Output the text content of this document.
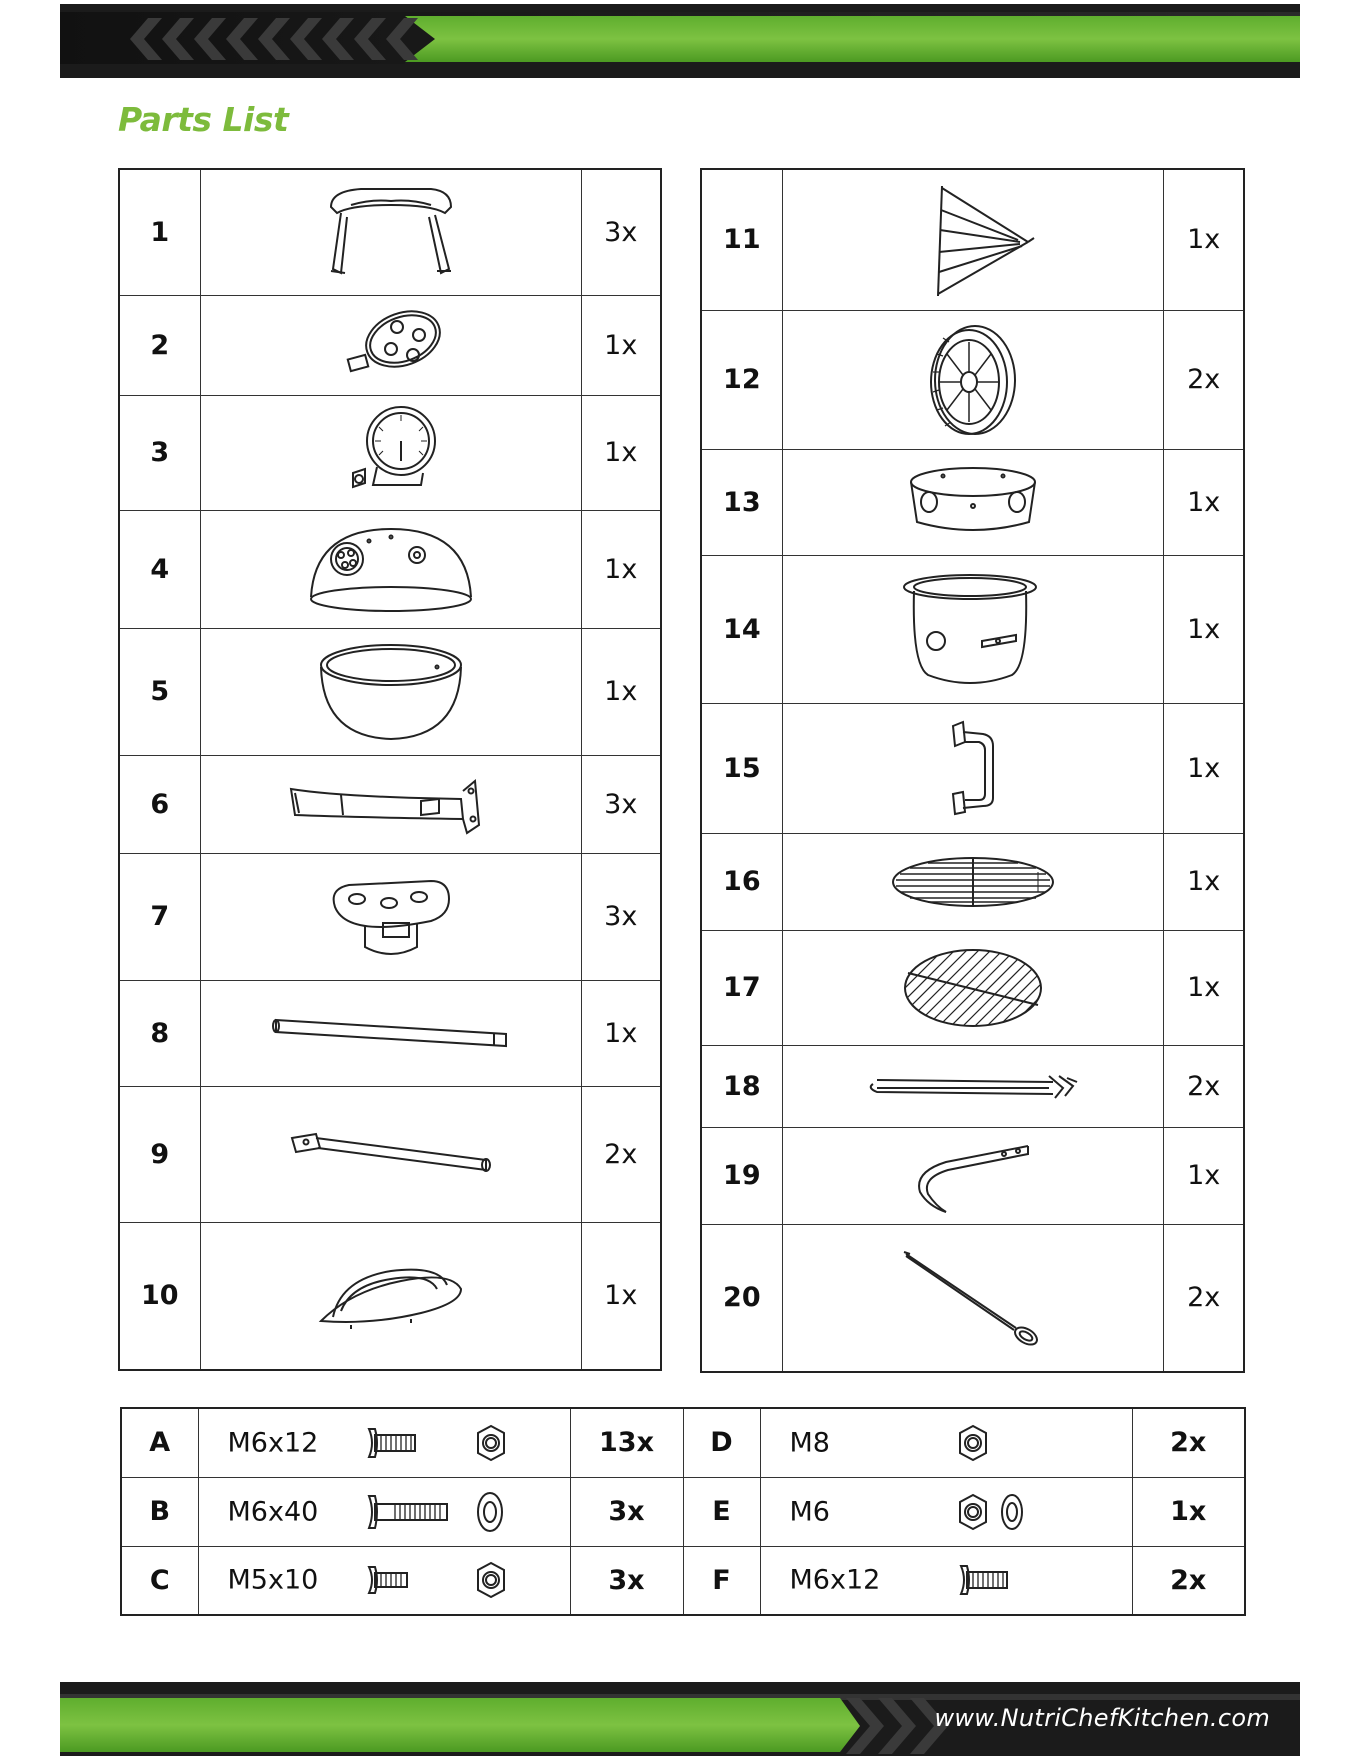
Parts List
1		3x
2		1x
3		1x
4		1x
5		1x
6		3x
7		3x
8		1x
9		2x
10		1x
11		1x
12		2x
13		1x
14		1x
15		1x
16		1x
17		1x
18		2x
19		1x
20		2x
A	M6x12	13x	D	M8	2x
B	M6x40	3x	E	M6	1x
C	M5x10	3x	F	M6x12	2x
www.NutriChefKitchen.com
